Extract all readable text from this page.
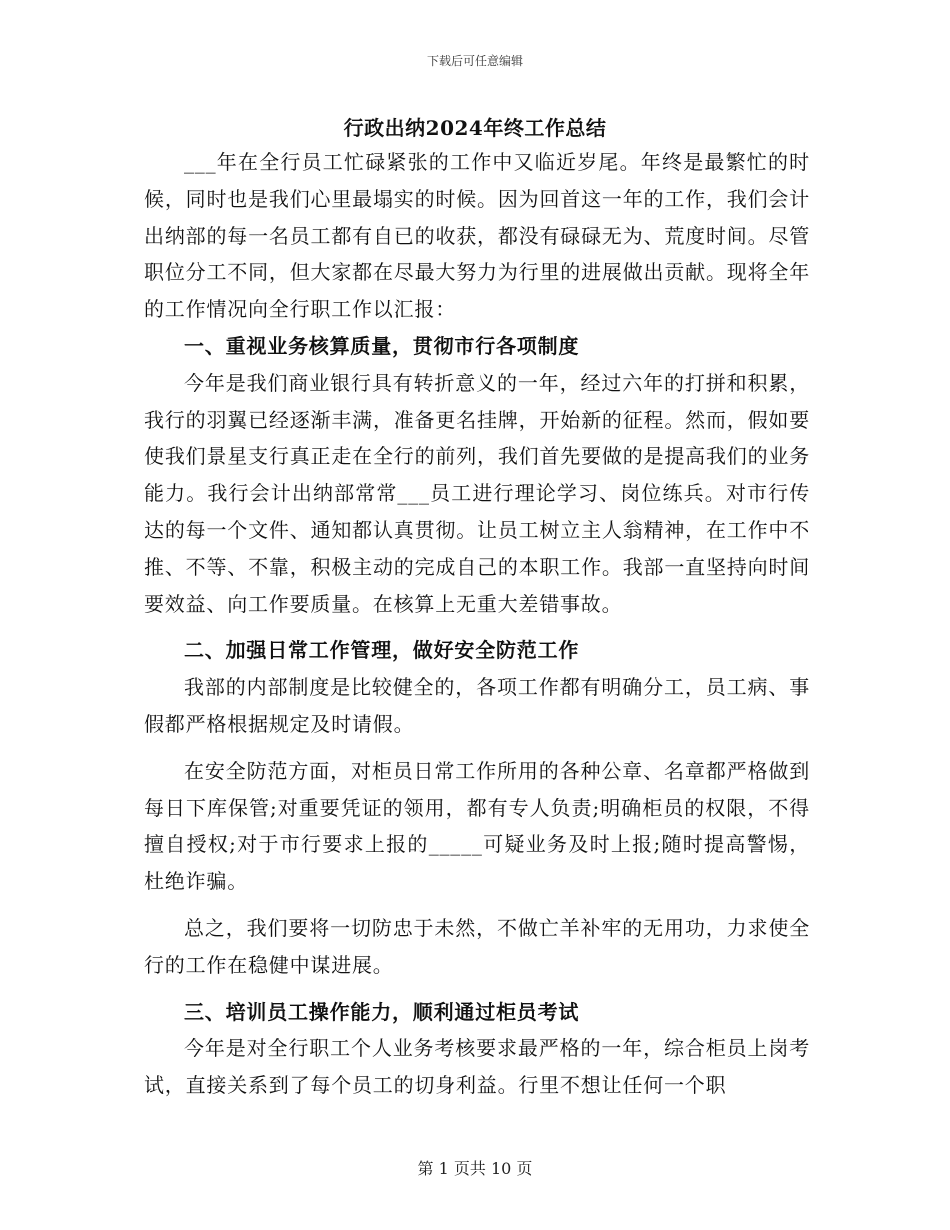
下载后可任意编辑
行政出纳2024年终工作总结

___年在全行员工忙碌紧张的工作中又临近岁尾。年终是最繁忙的时候，同时也是我们心里最塌实的时候。因为回首这一年的工作，我们会计出纳部的每一名员工都有自已的收获，都没有碌碌无为、荒度时间。尽管职位分工不同，但大家都在尽最大努力为行里的进展做出贡献。现将全年的工作情况向全行职工作以汇报：

一、重视业务核算质量，贯彻市行各项制度

今年是我们商业银行具有转折意义的一年，经过六年的打拼和积累，我行的羽翼已经逐渐丰满，准备更名挂牌，开始新的征程。然而，假如要使我们景星支行真正走在全行的前列，我们首先要做的是提高我们的业务能力。我行会计出纳部常常___员工进行理论学习、岗位练兵。对市行传达的每一个文件、通知都认真贯彻。让员工树立主人翁精神，在工作中不推、不等、不靠，积极主动的完成自己的本职工作。我部一直坚持向时间要效益、向工作要质量。在核算上无重大差错事故。

二、加强日常工作管理，做好安全防范工作

我部的内部制度是比较健全的，各项工作都有明确分工，员工病、事假都严格根据规定及时请假。

在安全防范方面，对柜员日常工作所用的各种公章、名章都严格做到每日下库保管;对重要凭证的领用，都有专人负责;明确柜员的权限，不得擅自授权;对于市行要求上报的_____可疑业务及时上报;随时提高警惕，杜绝诈骗。

总之，我们要将一切防忠于未然，不做亡羊补牢的无用功，力求使全行的工作在稳健中谋进展。

三、培训员工操作能力，顺利通过柜员考试

今年是对全行职工个人业务考核要求最严格的一年，综合柜员上岗考试，直接关系到了每个员工的切身利益。行里不想让任何一个职

第 1 页共 10 页
